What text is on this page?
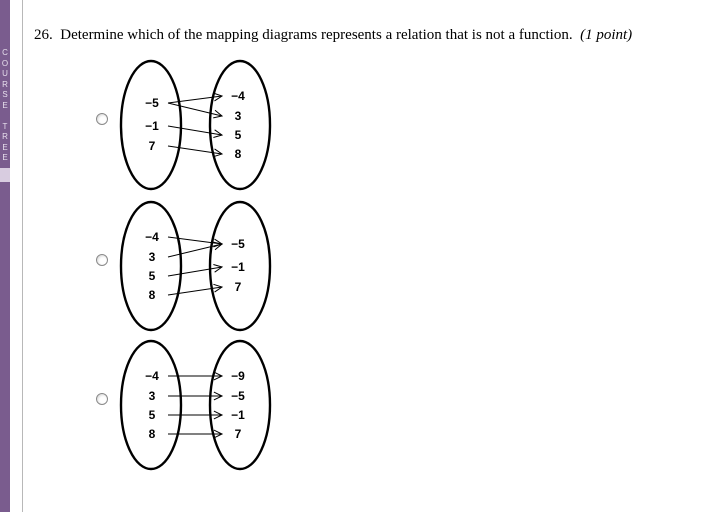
C
O
U
R
S
E

T
R
E
E
26. Determine which of the mapping diagrams represents a relation that is not a function. (1 point)
−5
−1
7
−4
3
5
8
−4
3
5
8
−5
−1
7
−4
3
5
8
−9
−5
−1
7
